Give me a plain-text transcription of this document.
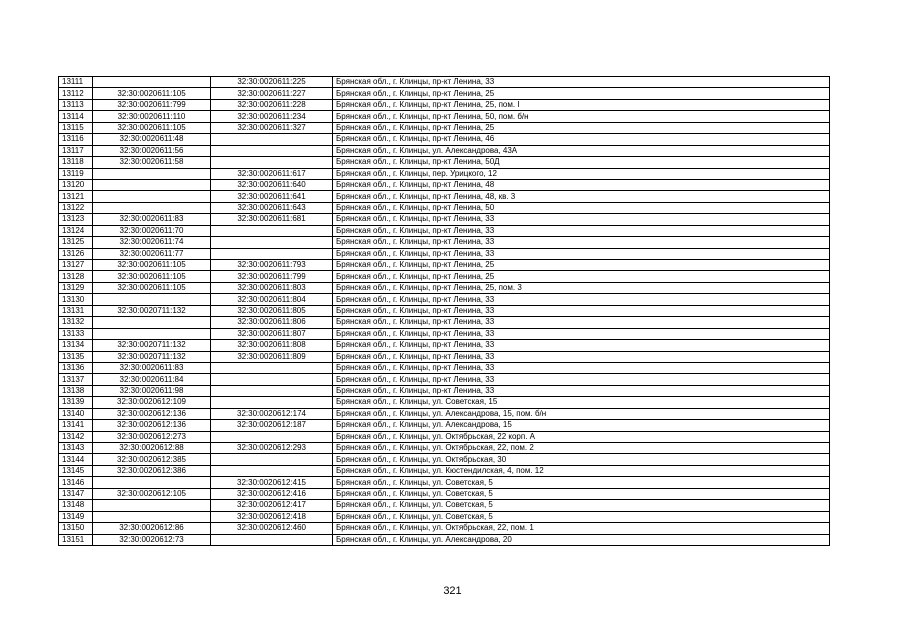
13111		32:30:0020611:225	Брянская обл., г. Клинцы, пр-кт Ленина, 33
13112	32:30:0020611:105	32:30:0020611:227	Брянская обл., г. Клинцы, пр-кт Ленина, 25
13113	32:30:0020611:799	32:30:0020611:228	Брянская обл., г. Клинцы, пр-кт Ленина, 25, пом. I
13114	32:30:0020611:110	32:30:0020611:234	Брянская обл., г. Клинцы, пр-кт Ленина, 50, пом. б/н
13115	32:30:0020611:105	32:30:0020611:327	Брянская обл., г. Клинцы, пр-кт Ленина, 25
13116	32:30:0020611:48		Брянская обл., г. Клинцы, пр-кт Ленина, 46
13117	32:30:0020611:56		Брянская обл., г. Клинцы, ул. Александрова, 43А
13118	32:30:0020611:58		Брянская обл., г. Клинцы, пр-кт Ленина, 50Д
13119		32:30:0020611:617	Брянская обл., г. Клинцы, пер. Урицкого, 12
13120		32:30:0020611:640	Брянская обл., г. Клинцы, пр-кт Ленина, 48
13121		32:30:0020611:641	Брянская обл., г. Клинцы, пр-кт Ленина, 48, кв. 3
13122		32:30:0020611:643	Брянская обл., г. Клинцы, пр-кт Ленина, 50
13123	32:30:0020611:83	32:30:0020611:681	Брянская обл., г. Клинцы, пр-кт Ленина, 33
13124	32:30:0020611:70		Брянская обл., г. Клинцы, пр-кт Ленина, 33
13125	32:30:0020611:74		Брянская обл., г. Клинцы, пр-кт Ленина, 33
13126	32:30:0020611:77		Брянская обл., г. Клинцы, пр-кт Ленина, 33
13127	32:30:0020611:105	32:30:0020611:793	Брянская обл., г. Клинцы, пр-кт Ленина, 25
13128	32:30:0020611:105	32:30:0020611:799	Брянская обл., г. Клинцы, пр-кт Ленина, 25
13129	32:30:0020611:105	32:30:0020611:803	Брянская обл., г. Клинцы, пр-кт Ленина, 25, пом. 3
13130		32:30:0020611:804	Брянская обл., г. Клинцы, пр-кт Ленина, 33
13131	32:30:0020711:132	32:30:0020611:805	Брянская обл., г. Клинцы, пр-кт Ленина, 33
13132		32:30:0020611:806	Брянская обл., г. Клинцы, пр-кт Ленина, 33
13133		32:30:0020611:807	Брянская обл., г. Клинцы, пр-кт Ленина, 33
13134	32:30:0020711:132	32:30:0020611:808	Брянская обл., г. Клинцы, пр-кт Ленина, 33
13135	32:30:0020711:132	32:30:0020611:809	Брянская обл., г. Клинцы, пр-кт Ленина, 33
13136	32:30:0020611:83		Брянская обл., г. Клинцы, пр-кт Ленина, 33
13137	32:30:0020611:84		Брянская обл., г. Клинцы, пр-кт Ленина, 33
13138	32:30:0020611:98		Брянская обл., г. Клинцы, пр-кт Ленина, 33
13139	32:30:0020612:109		Брянская обл., г. Клинцы, ул. Советская, 15
13140	32:30:0020612:136	32:30:0020612:174	Брянская обл., г. Клинцы, ул. Александрова, 15, пом. б/н
13141	32:30:0020612:136	32:30:0020612:187	Брянская обл., г. Клинцы, ул. Александрова, 15
13142	32:30:0020612:273		Брянская обл., г. Клинцы, ул. Октябрьская, 22 корп. А
13143	32:30:0020612:88	32:30:0020612:293	Брянская обл., г. Клинцы, ул. Октябрьская, 22, пом. 2
13144	32:30:0020612:385		Брянская обл., г. Клинцы, ул. Октябрьская, 30
13145	32:30:0020612:386		Брянская обл., г. Клинцы, ул. Кюстендилская, 4, пом. 12
13146		32:30:0020612:415	Брянская обл., г. Клинцы, ул. Советская, 5
13147	32:30:0020612:105	32:30:0020612:416	Брянская обл., г. Клинцы, ул. Советская, 5
13148		32:30:0020612:417	Брянская обл., г. Клинцы, ул. Советская, 5
13149		32:30:0020612:418	Брянская обл., г. Клинцы, ул. Советская, 5
13150	32:30:0020612:86	32:30:0020612:460	Брянская обл., г. Клинцы, ул. Октябрьская, 22, пом. 1
13151	32:30:0020612:73		Брянская обл., г. Клинцы, ул. Александрова, 20
321
